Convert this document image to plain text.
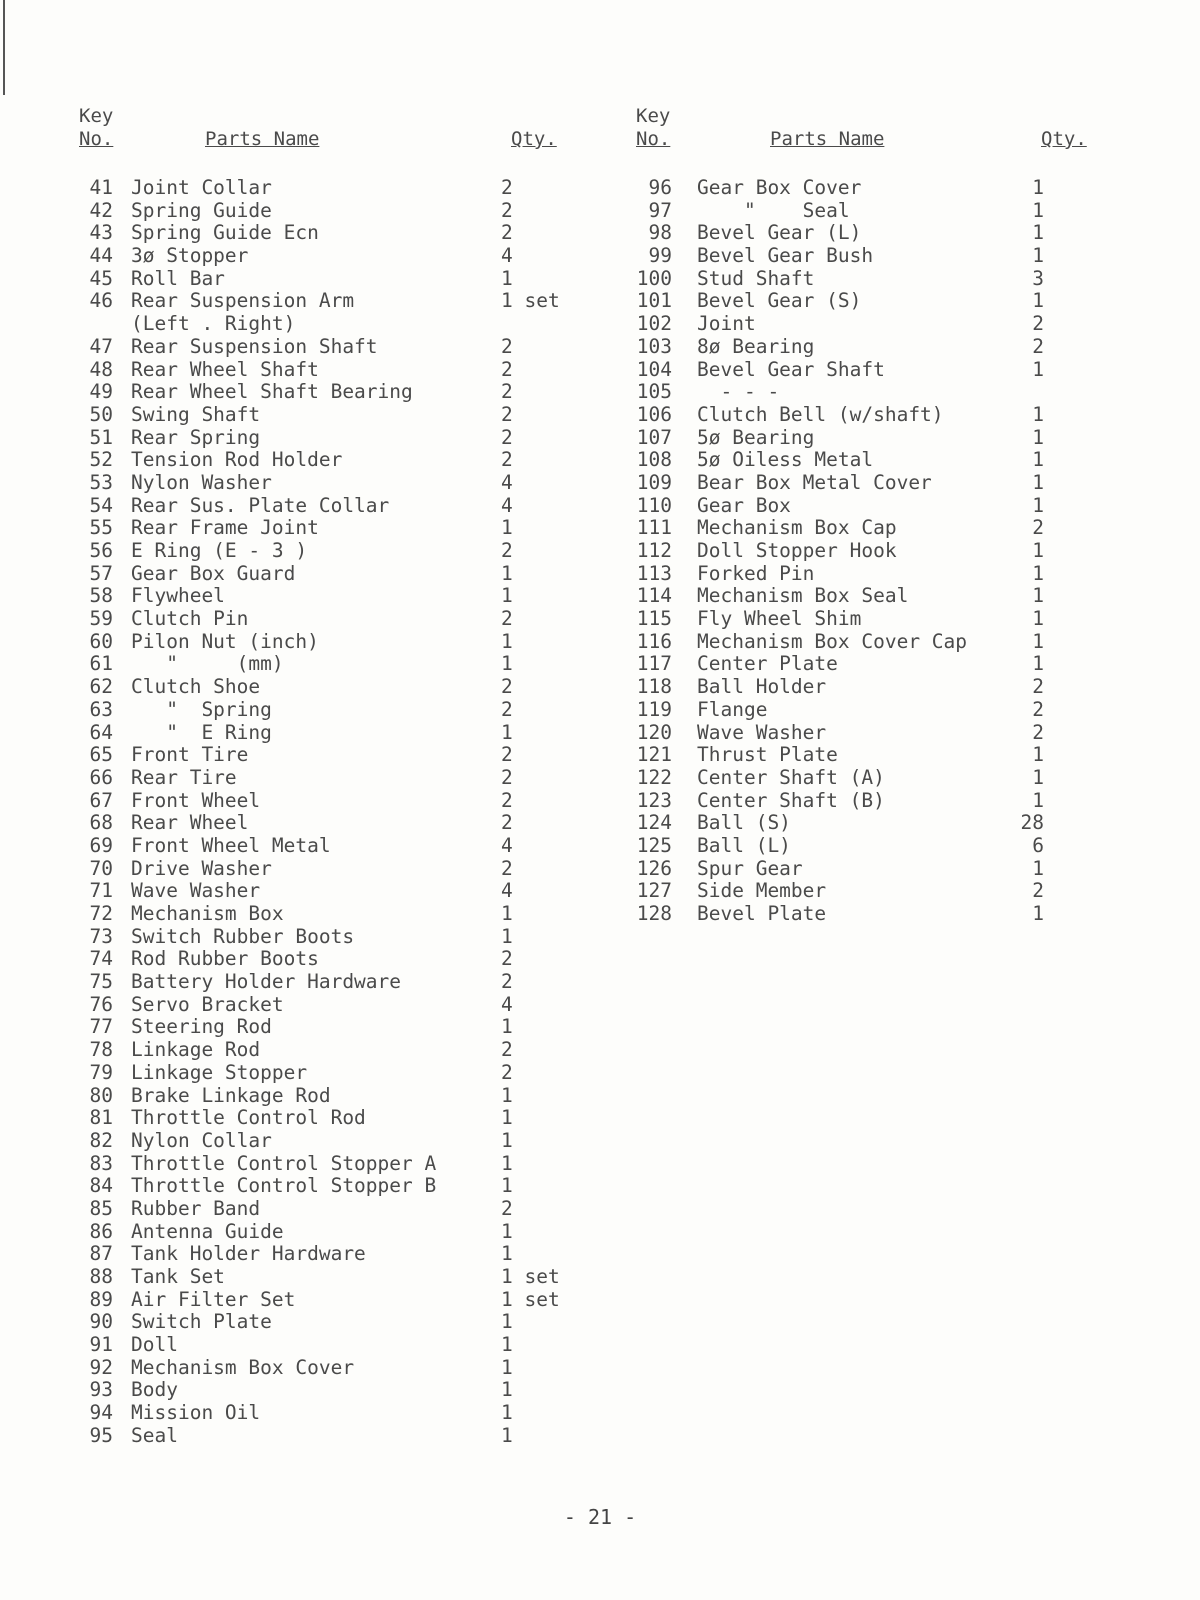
Key
No.	Parts Name	Qty.
41 Joint Collar	2
42 Spring Guide	2
43 Spring Guide Ecn	2
44 3ø Stopper	4
45 Roll Bar	1
46 Rear Suspension Arm	1 set
(Left . Right)
47 Rear Suspension Shaft	2
48 Rear Wheel Shaft	2
49 Rear Wheel Shaft Bearing	2
50 Swing Shaft	2
51 Rear Spring	2
52 Tension Rod Holder	2
53 Nylon Washer	4
54 Rear Sus. Plate Collar	4
55 Rear Frame Joint	1
56 E Ring (E - 3 )	2
57 Gear Box Guard	1
58 Flywheel	1
59 Clutch Pin	2
60 Pilon Nut (inch)	1
61 "     (mm)	1
62 Clutch Shoe	2
63 "  Spring	2
64 "  E Ring	1
65 Front Tire	2
66 Rear Tire	2
67 Front Wheel	2
68 Rear Wheel	2
69 Front Wheel Metal	4
70 Drive Washer	2
71 Wave Washer	4
72 Mechanism Box	1
73 Switch Rubber Boots	1
74 Rod Rubber Boots	2
75 Battery Holder Hardware	2
76 Servo Bracket	4
77 Steering Rod	1
78 Linkage Rod	2
79 Linkage Stopper	2
80 Brake Linkage Rod	1
81 Throttle Control Rod	1
82 Nylon Collar	1
83 Throttle Control Stopper A	1
84 Throttle Control Stopper B	1
85 Rubber Band	2
86 Antenna Guide	1
87 Tank Holder Hardware	1
88 Tank Set	1 set
89 Air Filter Set	1 set
90 Switch Plate	1
91 Doll	1
92 Mechanism Box Cover	1
93 Body	1
94 Mission Oil	1
95 Seal	1
Key
No.	Parts Name	Qty.
96 Gear Box Cover	1
97 "    Seal	1
98 Bevel Gear (L)	1
99 Bevel Gear Bush	1
100 Stud Shaft	3
101 Bevel Gear (S)	1
102 Joint	2
103 8ø Bearing	2
104 Bevel Gear Shaft	1
105 - - -
106 Clutch Bell (w/shaft)	1
107 5ø Bearing	1
108 5ø Oiless Metal	1
109 Bear Box Metal Cover	1
110 Gear Box	1
111 Mechanism Box Cap	2
112 Doll Stopper Hook	1
113 Forked Pin	1
114 Mechanism Box Seal	1
115 Fly Wheel Shim	1
116 Mechanism Box Cover Cap	1
117 Center Plate	1
118 Ball Holder	2
119 Flange	2
120 Wave Washer	2
121 Thrust Plate	1
122 Center Shaft (A)	1
123 Center Shaft (B)	1
124 Ball (S)	28
125 Ball (L)	6
126 Spur Gear	1
127 Side Member	2
128 Bevel Plate	1
- 21 -
